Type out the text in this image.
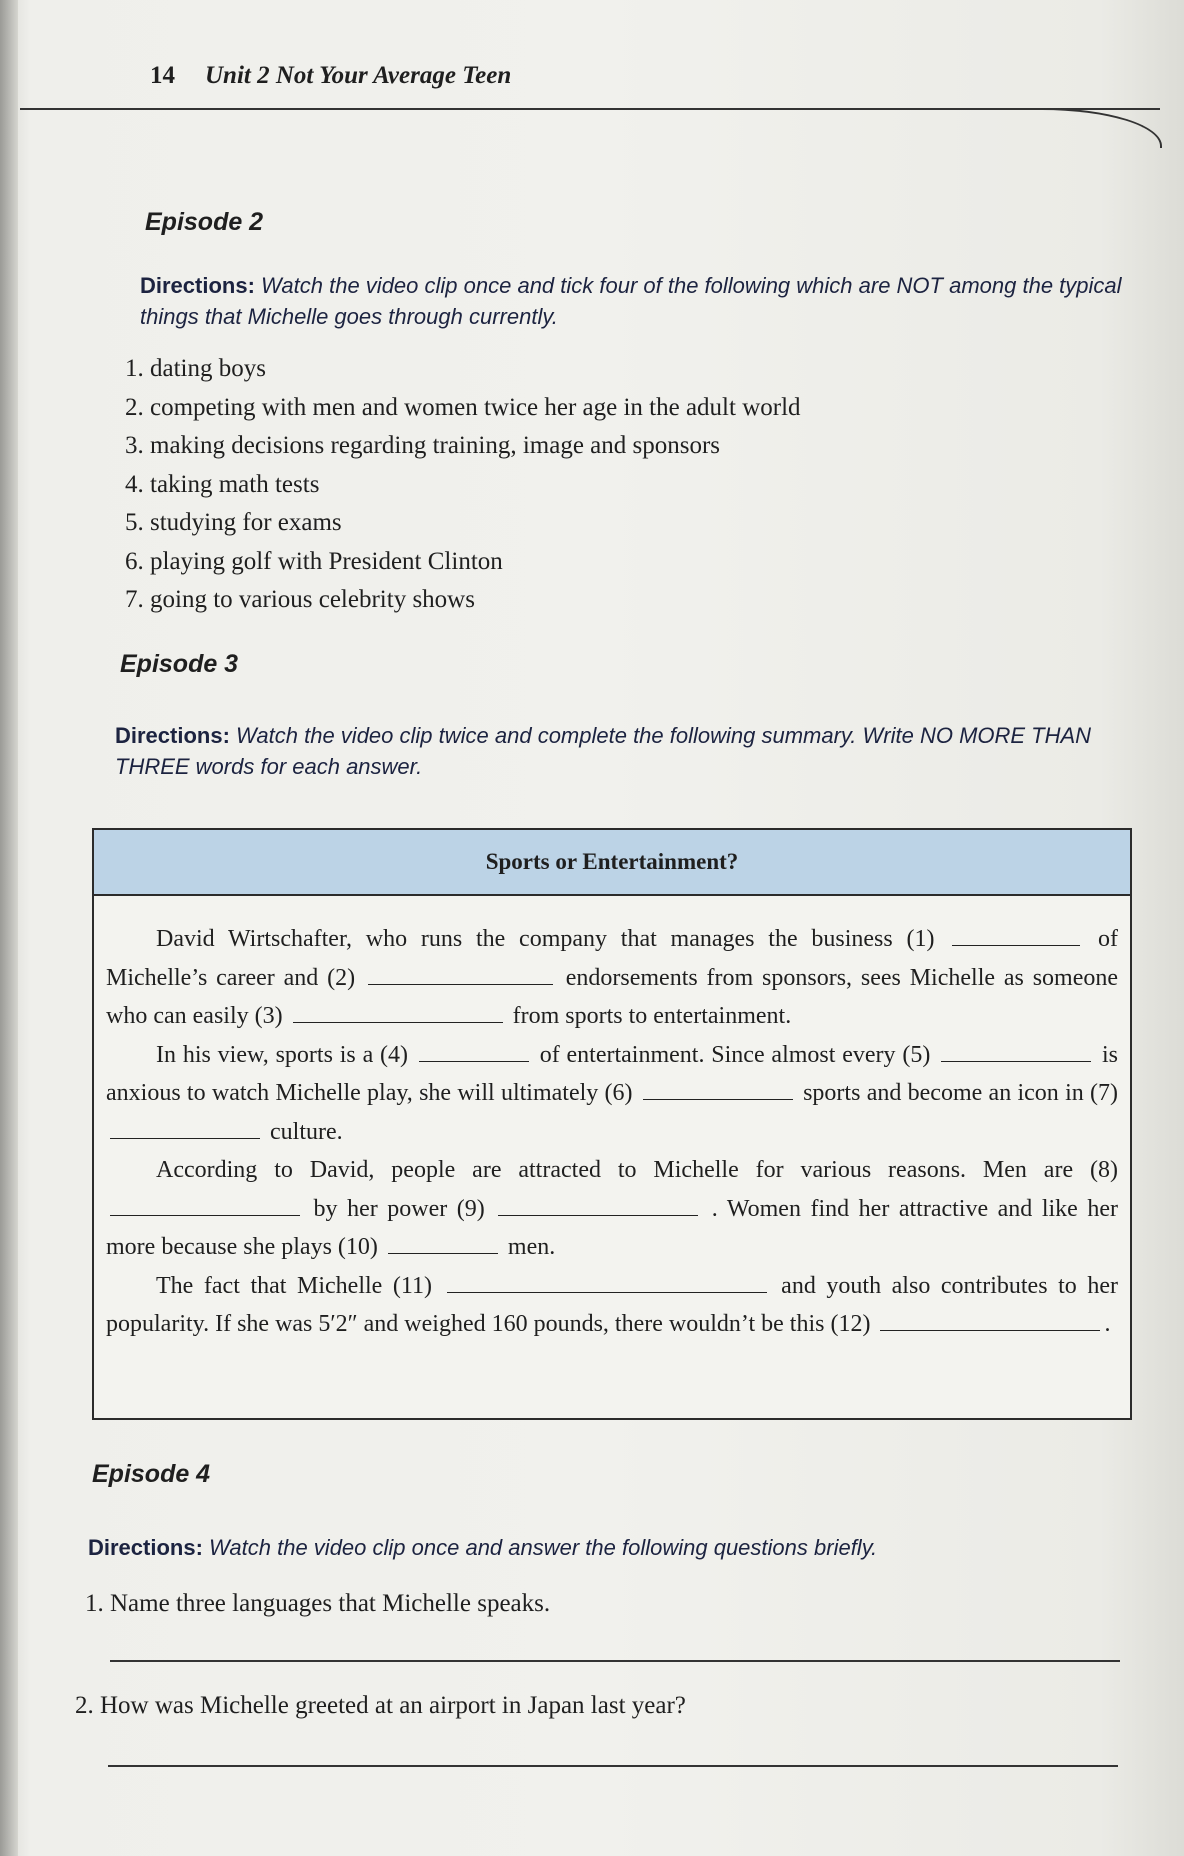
14 Unit 2 Not Your Average Teen
Episode 2
Directions: Watch the video clip once and tick four of the following which are NOT among the typical things that Michelle goes through currently.
1. dating boys
2. competing with men and women twice her age in the adult world
3. making decisions regarding training, image and sponsors
4. taking math tests
5. studying for exams
6. playing golf with President Clinton
7. going to various celebrity shows
Episode 3
Directions: Watch the video clip twice and complete the following summary. Write NO MORE THAN THREE words for each answer.
Sports or Entertainment?

David Wirtschafter, who runs the company that manages the business (1)	of Michelle’s career and (2)	endorsements from sponsors, sees Michelle as someone who can easily (3)	from sports to entertainment.

In his view, sports is a (4)	of entertainment. Since almost every (5)	is anxious to watch Michelle play, she will ultimately (6)	sports and become an icon in (7)  culture.

According to David, people are attracted to Michelle for various reasons. Men are (8)  by her power (9)	. Women find her attractive and like her more because she plays (10)	men.

The fact that Michelle (11)	and youth also contributes to her popularity. If she was 5′2″ and weighed 160 pounds, there wouldn’t be this (12)	.

Episode 4
Directions: Watch the video clip once and answer the following questions briefly.
1. Name three languages that Michelle speaks.
2. How was Michelle greeted at an airport in Japan last year?
